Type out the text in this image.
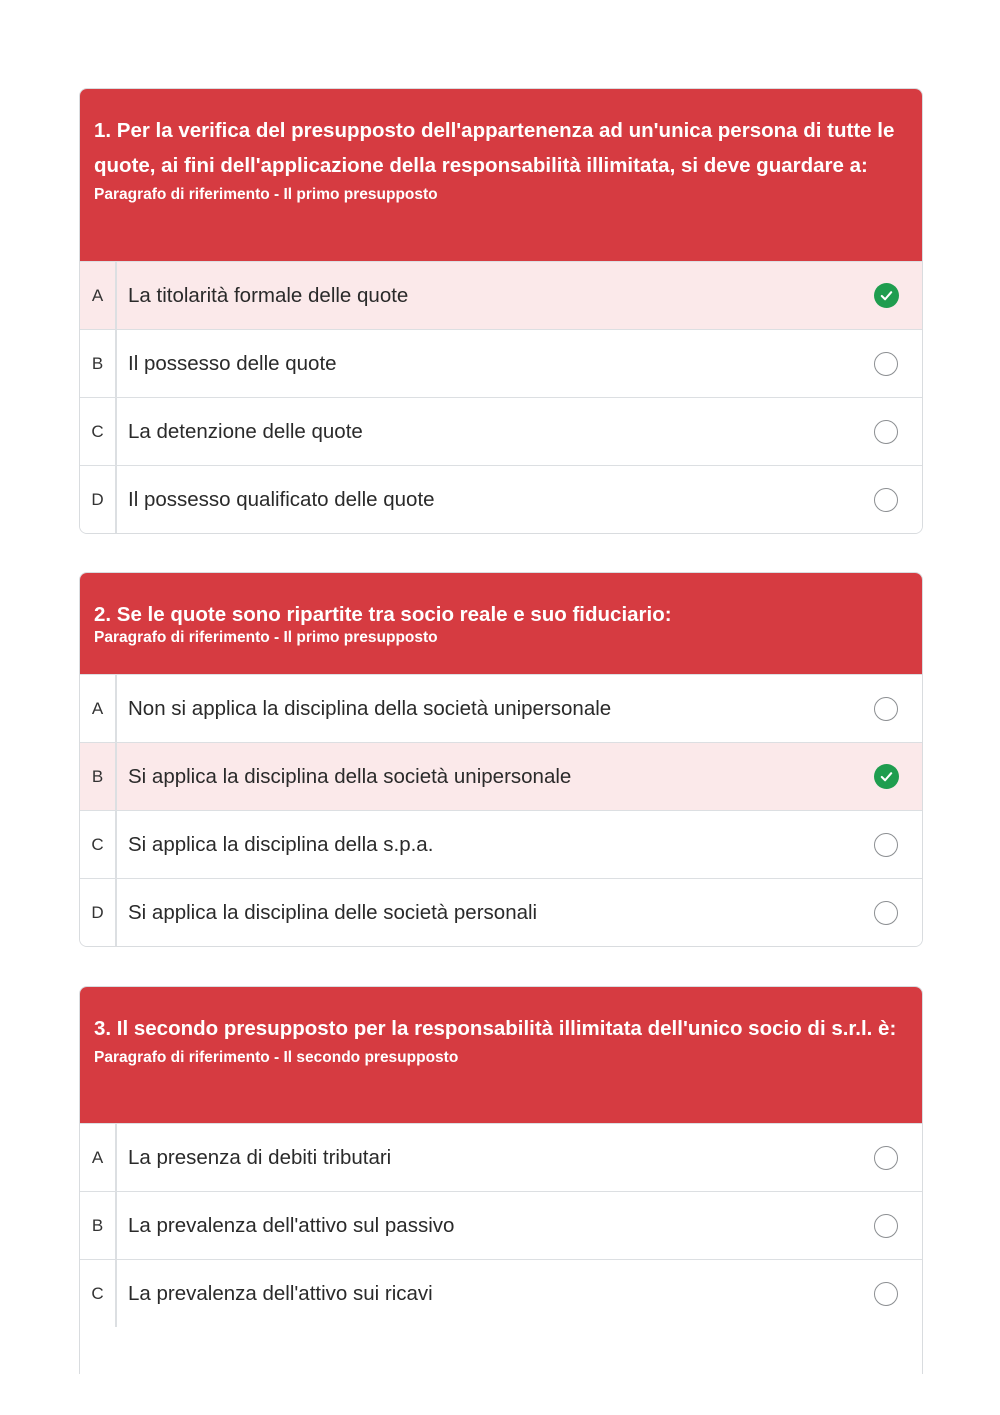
1. Per la verifica del presupposto dell'appartenenza ad un'unica persona di tutte le quote, ai fini dell'applicazione della responsabilità illimitata, si deve guardare a:
Paragrafo di riferimento - Il primo presupposto
A	La titolarità formale delle quote
B	Il possesso delle quote
C	La detenzione delle quote
D	Il possesso qualificato delle quote
2. Se le quote sono ripartite tra socio reale e suo fiduciario:
Paragrafo di riferimento - Il primo presupposto
A	Non si applica la disciplina della società unipersonale
B	Si applica la disciplina della società unipersonale
C	Si applica la disciplina della s.p.a.
D	Si applica la disciplina delle società personali
3. Il secondo presupposto per la responsabilità illimitata dell'unico socio di s.r.l. è:
Paragrafo di riferimento - Il secondo presupposto
A	La presenza di debiti tributari
B	La prevalenza dell'attivo sul passivo
C	La prevalenza dell'attivo sui ricavi
